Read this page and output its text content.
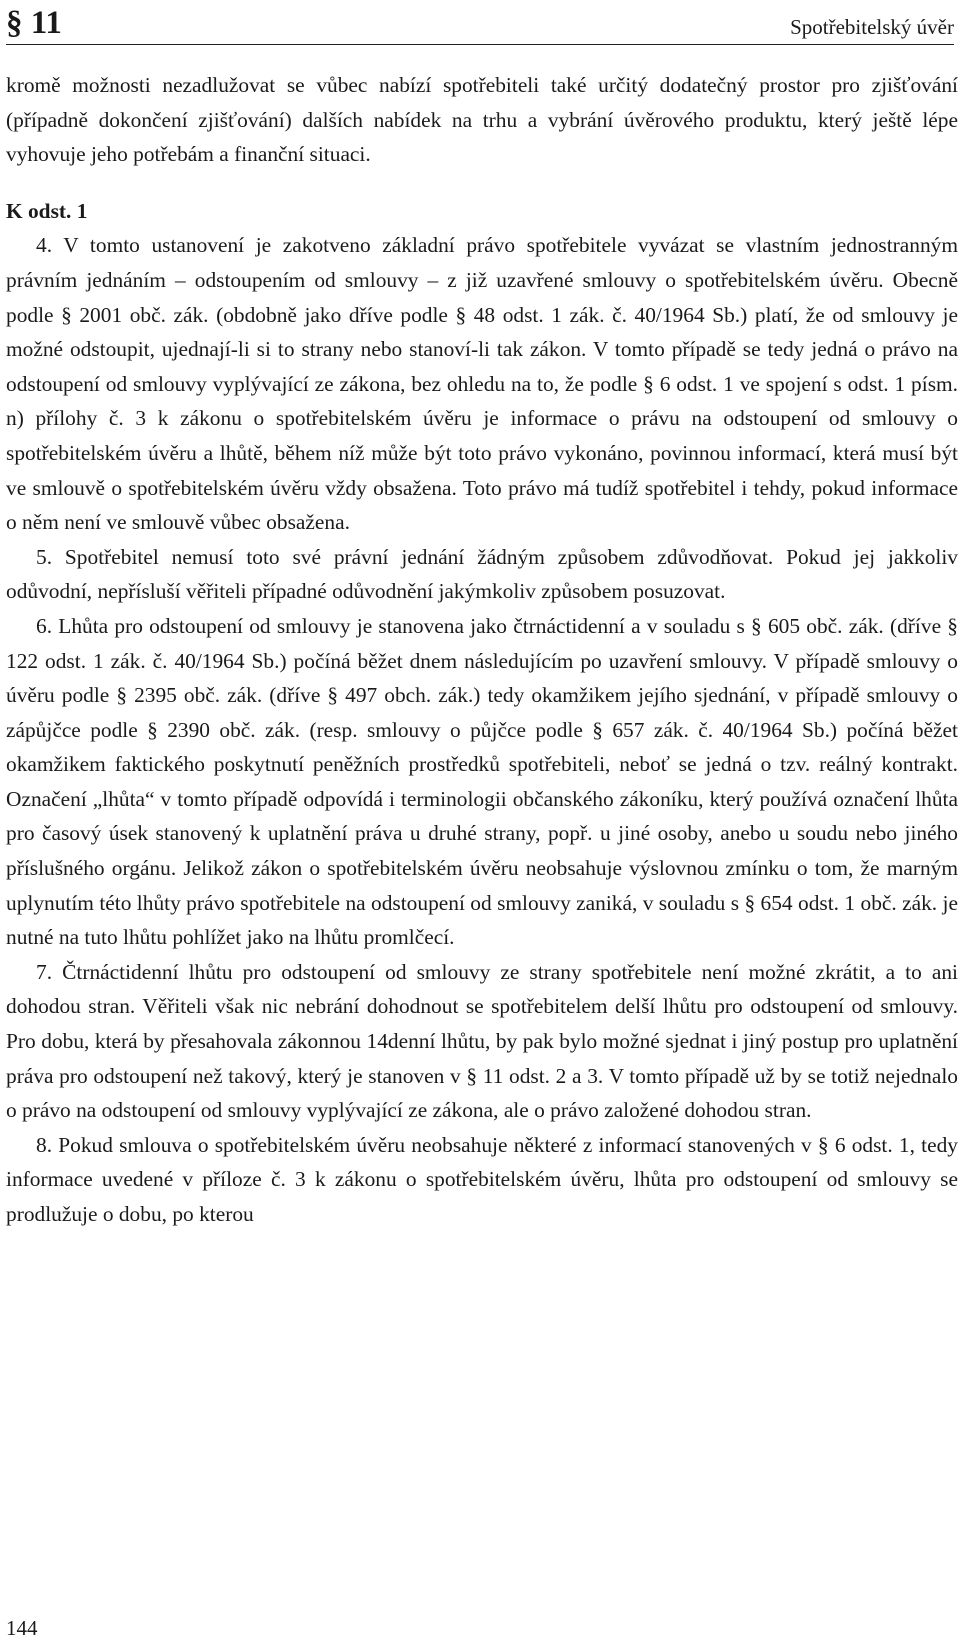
§ 11	Spotřebitelský úvěr

kromě možnosti nezadlužovat se vůbec nabízí spotřebiteli také určitý dodatečný prostor pro zjišťování (případně dokončení zjišťování) dalších nabídek na trhu a vybrání úvěrového produktu, který ještě lépe vyhovuje jeho potřebám a finanční situaci.

K odst. 1

4. V tomto ustanovení je zakotveno základní právo spotřebitele vyvázat se vlastním jednostranným právním jednáním – odstoupením od smlouvy – z již uzavřené smlouvy o spotřebitelském úvěru. Obecně podle § 2001 obč. zák. (obdobně jako dříve podle § 48 odst. 1 zák. č. 40/1964 Sb.) platí, že od smlouvy je možné odstoupit, ujednají-li si to strany nebo stanoví-li tak zákon. V tomto případě se tedy jedná o právo na odstoupení od smlouvy vyplývající ze zákona, bez ohledu na to, že podle § 6 odst. 1 ve spojení s odst. 1 písm. n) přílohy č. 3 k zákonu o spotřebitelském úvěru je informace o právu na odstoupení od smlouvy o spotřebitelském úvěru a lhůtě, během níž může být toto právo vykonáno, povinnou informací, která musí být ve smlouvě o spotřebitelském úvěru vždy obsažena. Toto právo má tudíž spotřebitel i tehdy, pokud informace o něm není ve smlouvě vůbec obsažena.

5. Spotřebitel nemusí toto své právní jednání žádným způsobem zdůvodňovat. Pokud jej jakkoliv odůvodní, nepřísluší věřiteli případné odůvodnění jakýmkoliv způsobem posuzovat.

6. Lhůta pro odstoupení od smlouvy je stanovena jako čtrnáctidenní a v souladu s § 605 obč. zák. (dříve § 122 odst. 1 zák. č. 40/1964 Sb.) počíná běžet dnem následujícím po uzavření smlouvy. V případě smlouvy o úvěru podle § 2395 obč. zák. (dříve § 497 obch. zák.) tedy okamžikem jejího sjednání, v případě smlouvy o zápůjčce podle § 2390 obč. zák. (resp. smlouvy o půjčce podle § 657 zák. č. 40/1964 Sb.) počíná běžet okamžikem faktického poskytnutí peněžních prostředků spotřebiteli, neboť se jedná o tzv. reálný kontrakt. Označení „lhůta“ v tomto případě odpovídá i terminologii občanského zákoníku, který používá označení lhůta pro časový úsek stanovený k uplatnění práva u druhé strany, popř. u jiné osoby, anebo u soudu nebo jiného příslušného orgánu. Jelikož zákon o spotřebitelském úvěru neobsahuje výslovnou zmínku o tom, že marným uplynutím této lhůty právo spotřebitele na odstoupení od smlouvy zaniká, v souladu s § 654 odst. 1 obč. zák. je nutné na tuto lhůtu pohlížet jako na lhůtu promlčecí.

7. Čtrnáctidenní lhůtu pro odstoupení od smlouvy ze strany spotřebitele není možné zkrátit, a to ani dohodou stran. Věřiteli však nic nebrání dohodnout se spotřebitelem delší lhůtu pro odstoupení od smlouvy. Pro dobu, která by přesahovala zákonnou 14denní lhůtu, by pak bylo možné sjednat i jiný postup pro uplatnění práva pro odstoupení než takový, který je stanoven v § 11 odst. 2 a 3. V tomto případě už by se totiž nejednalo o právo na odstoupení od smlouvy vyplývající ze zákona, ale o právo založené dohodou stran.

8. Pokud smlouva o spotřebitelském úvěru neobsahuje některé z informací stanovených v § 6 odst. 1, tedy informace uvedené v příloze č. 3 k zákonu o spotřebitelském úvěru, lhůta pro odstoupení od smlouvy se prodlužuje o dobu, po kterou

144
